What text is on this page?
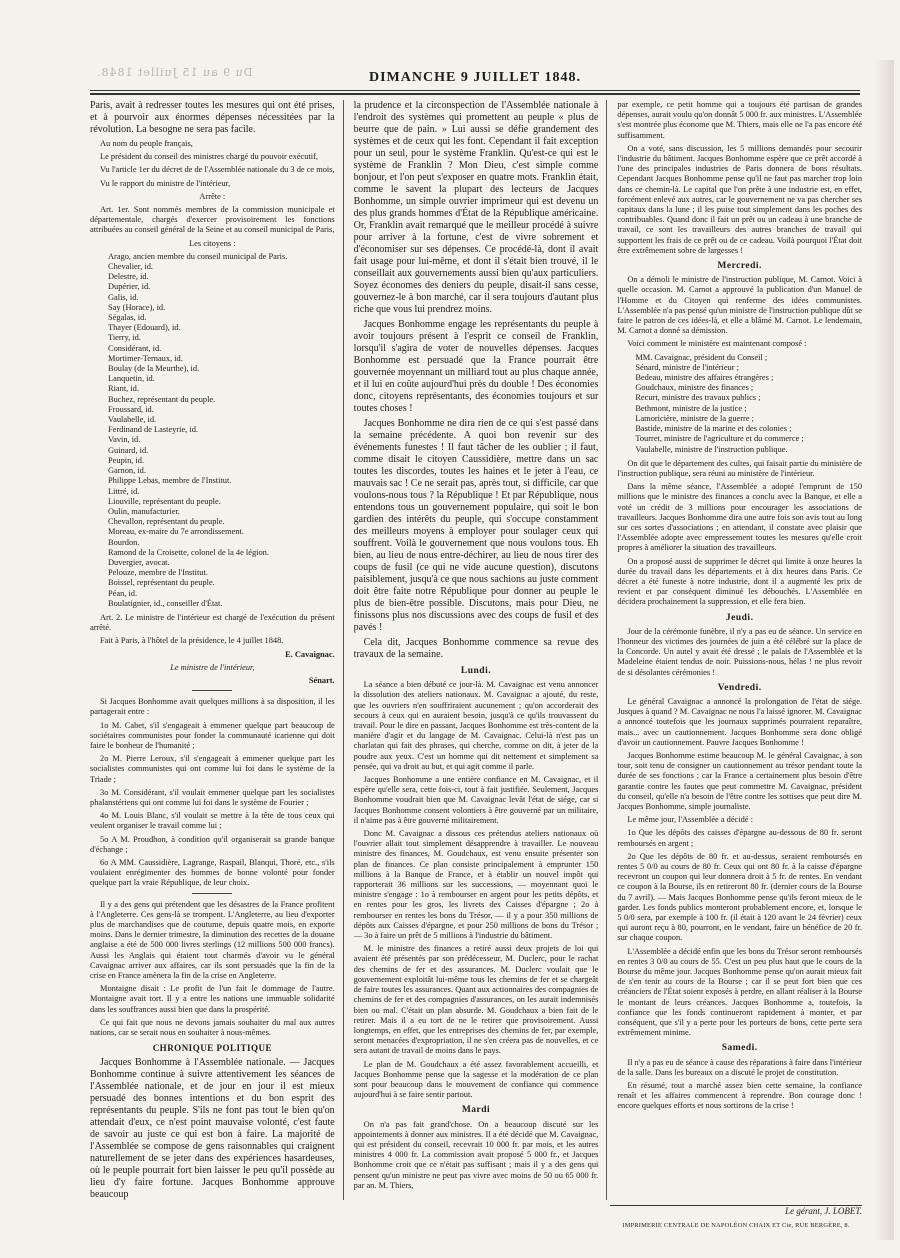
Du 9 au 15 Juillet 1848.	DIMANCHE 9 JUILLET 1848.

Paris, avait à redresser toutes les mesures qui ont été prises, et à pourvoir aux énormes dépenses nécessitées par la révolution. La besogne ne sera pas facile.

Au nom du peuple français,

Le président du conseil des ministres chargé du pouvoir exécutif,

Vu l'article 1er du décret de de l'Assemblée nationale du 3 de ce mois,

Vu le rapport du ministre de l'intérieur,

Arrête :

Art. 1er. Sont nommés membres de la commission municipale et départementale, chargés d'exercer provisoirement les fonctions attribuées au conseil général de la Seine et au conseil municipal de Paris,

Les citoyens :

Arago, ancien membre du conseil municipal de Paris.
Chevalier, id.
Delestre, id.
Dupérier, id.
Galis, id.
Say (Horace), id.
Ségalas, id.
Thayer (Edouard), id.
Tierry, id.
Considérant, id.
Mortimer-Ternaux, id.
Boulay (de la Meurthe), id.
Lanquetin, id.
Riant, id.
Buchez, représentant du peuple.
Froussard, id.
Vaulabelle, id.
Ferdinand de Lasteyrie, id.
Vavin, id.
Guinard, id.
Peupin, id.
Garnon, id.
Philippe Lebas, membre de l'Institut.
Littré, id.
Liouville, représentant du peuple.
Oulin, manufacturier.
Chevallon, représentant du peuple.
Moreau, ex-maire du 7e arrondissement.
Bourdon.
Ramond de la Croisette, colonel de la 4e légion.
Duvergier, avocat.
Pelouze, membre de l'Institut.
Boissel, représentant du peuple.
Péan, id.
Boulatignier, id., conseiller d'État.

Art. 2. Le ministre de l'intérieur est chargé de l'exécution du présent arrêté.

Fait à Paris, à l'hôtel de la présidence, le 4 juillet 1848.

E. Cavaignac.

Le ministre de l'intérieur,

Sénart.

Si Jacques Bonhomme avait quelques millions à sa disposition, il les partagerait entre :

1o M. Cabet, s'il s'engageait à emmener quelque part beaucoup de sociétaires communistes pour fonder la communauté icarienne qui doit faire le bonheur de l'humanité ;

2o M. Pierre Leroux, s'il s'engageait à emmener quelque part les socialistes communistes qui ont comme lui foi dans le système de la Triade ;

3o M. Considérant, s'il voulait emmener quelque part les socialistes phalanstériens qui ont comme lui foi dans le système de Fourier ;

4o M. Louis Blanc, s'il voulait se mettre à la tête de tous ceux qui veulent organiser le travail comme lui ;

5o A M. Proudhon, à condition qu'il organiserait sa grande banque d'échange ;

6o A MM. Caussidière, Lagrange, Raspail, Blanqui, Thoré, etc., s'ils voulaient enrégimenter des hommes de bonne volonté pour fonder quelque part la vraie République, de leur choix.

Il y a des gens qui prétendent que les désastres de la France profitent à l'Angleterre. Ces gens-là se trompent. L'Angleterre, au lieu d'exporter plus de marchandises que de coutume, depuis quatre mois, en exporte moins. Dans le dernier trimestre, la diminution des recettes de la douane anglaise a été de 500 000 livres sterlings (12 millions 500 000 francs). Aussi les Anglais qui étaient tout charmés d'avoir vu le général Cavaignac arriver aux affaires, car ils sont persuadés que la fin de la crise en France amènera la fin de la crise en Angleterre.

Montaigne disait : Le profit de l'un fait le dommage de l'autre. Montaigne avait tort. Il y a entre les nations une immuable solidarité dans les souffrances aussi bien que dans la prospérité.

Ce qui fait que nous ne devons jamais souhaiter du mal aux autres nations, car se serait nous en souhaiter à nous-mêmes.

CHRONIQUE POLITIQUE

Jacques Bonhomme à l'Assemblée nationale. — Jacques Bonhomme continue à suivre attentivement les séances de l'Assemblée nationale, et de jour en jour il est mieux persuadé des bonnes intentions et du bon esprit des représentants du peuple. S'ils ne font pas tout le bien qu'on attendait d'eux, ce n'est point mauvaise volonté, c'est faute de savoir au juste ce qui est bon à faire. La majorité de l'Assemblée se compose de gens raisonnables qui craignent naturellement de se jeter dans des expériences hasardeuses, où le peuple pourrait fort bien laisser le peu qu'il possède au lieu d'y faire fortune. Jacques Bonhomme approuve beaucoup

la prudence et la circonspection de l'Assemblée nationale à l'endroit des systèmes qui promettent au peuple « plus de beurre que de pain. » Lui aussi se défie grandement des systèmes et de ceux qui les font. Cependant il fait exception pour un seul, pour le système Franklin. Qu'est-ce qui est le système de Franklin ? Mon Dieu, c'est simple comme bonjour, et l'on peut s'exposer en quatre mots. Franklin était, comme le savent la plupart des lecteurs de Jacques Bonhomme, un simple ouvrier imprimeur qui est devenu un des plus grands hommes d'État de la République américaine. Or, Franklin avait remarqué que le meilleur procédé à suivre pour arriver à la fortune, c'est de vivre sobrement et d'économiser sur ses dépenses. Ce procédé-là, dont il avait fait usage pour lui-même, et dont il s'était bien trouvé, il le conseillait aux gouvernements aussi bien qu'aux particuliers. Soyez économes des deniers du peuple, disait-il sans cesse, gouvernez-le à bon marché, car il sera toujours d'autant plus riche que vous lui prendrez moins.

Jacques Bonhomme engage les représentants du peuple à avoir toujours présent à l'esprit ce conseil de Franklin, lorsqu'il s'agira de voter de nouvelles dépenses. Jacques Bonhomme est persuadé que la France pourrait être gouvernée moyennant un milliard tout au plus chaque année, et il lui en coûte aujourd'hui près du double ! Des économies donc, citoyens représentants, des économies toujours et sur toutes choses !

Jacques Bonhomme ne dira rien de ce qui s'est passé dans la semaine précédente. A quoi bon revenir sur des événements funestes ! Il faut tâcher de les oublier ; il faut, comme disait le citoyen Caussidière, mettre dans un sac toutes les discordes, toutes les haines et le jeter à l'eau, ce mauvais sac ! Ce ne serait pas, après tout, si difficile, car que voulons-nous tous ? la République ! Et par République, nous entendons tous un gouvernement populaire, qui soit le bon gardien des intérêts du peuple, qui s'occupe constamment des meilleurs moyens à employer pour soulager ceux qui souffrent. Voilà le gouvernement que nous voulons tous. Eh bien, au lieu de nous entre-déchirer, au lieu de nous tirer des coups de fusil (ce qui ne vide aucune question), discutons paisiblement, jusqu'à ce que nous sachions au juste comment doit être faite notre République pour donner au peuple le plus de bien-être possible. Discutons, mais pour Dieu, ne finissons plus nos discussions avec des coups de fusil et des pavés !

Cela dit, Jacques Bonhomme commence sa revue des travaux de la semaine.

Lundi.

La séance a bien débuté ce jour-là. M. Cavaignac est venu annoncer la dissolution des ateliers nationaux. M. Cavaignac a ajouté, du reste, que les ouvriers n'en souffriraient aucunement ; qu'on accorderait des secours à ceux qui en auraient besoin, jusqu'à ce qu'ils trouvassent du travail. Pour le dire en passant, Jacques Bonhomme est très-content de la manière d'agir et du langage de M. Cavaignac. Celui-là n'est pas un charlatan qui fait des phrases, qui cherche, comme on dit, à jeter de la poudre aux yeux. C'est un homme qui dit nettement et simplement sa pensée, qui va droit au but, et qui agit comme il parle.

Jacques Bonhomme a une entière confiance en M. Cavaignac, et il espère qu'elle sera, cette fois-ci, tout à fait justifiée. Seulement, Jacques Bonhomme voudrait bien que M. Cavaignac levât l'état de siége, car si Jacques Bonhomme consent volontiers à être gouverné par un militaire, il n'aime pas à être gouverné militairement.

Donc M. Cavaignac a dissous ces prétendus ateliers nationaux où l'ouvrier allait tout simplement désapprendre à travailler. Le nouveau ministre des finances, M. Goudchaux, est venu ensuite présenter son plan de finances. Ce plan consiste principalement à emprunter 150 millions à la Banque de France, et à établir un nouvel impôt qui rapporterait 36 millions sur les successions, — moyennant quoi le ministre s'engage : 1o à rembourser en argent pour les petits dépôts, et en rentes pour les gros, les livrets des Caisses d'épargne ; 2o à rembourser en rentes les bons du Trésor, — il y a pour 350 millions de dépôts aux Caisses d'épargne, et pour 250 millions de bons du Trésor ; — 3o à faire un prêt de 5 millions à l'industrie du bâtiment.

M. le ministre des finances a retiré aussi deux projets de loi qui avaient été présentés par son prédécesseur, M. Duclerc, pour le rachat des chemins de fer et des assurances. M. Duclerc voulait que le gouvernement exploitât lui-même tous les chemins de fer et se chargeât de faire toutes les assurances. Quant aux actionnaires des compagnies de chemins de fer et des compagnies d'assurances, on les aurait indemnisés bien ou mal. C'était un plan absurde. M. Goudchaux a bien fait de le retirer. Mais il a eu tort de ne le retirer que provisoirement. Aussi longtemps, en effet, que les entreprises des chemins de fer, par exemple, seront menacées d'expropriation, il ne s'en créera pas de nouvelles, et ce sera autant de travail de moins dans le pays.

Le plan de M. Goudchaux a été assez favorablement accueilli, et Jacques Bonhomme pense que la sagesse et la modération de ce plan sont pour beaucoup dans le mouvement de confiance qui commence aujourd'hui à se faire sentir partout.

Mardi

On n'a pas fait grand'chose. On a beaucoup discuté sur les appointements à donner aux ministres. Il a été décidé que M. Cavaignac, qui est président du conseil, recevrait 10 000 fr. par mois, et les autres ministres 4 000 fr. La commission avait proposé 5 000 fr., et Jacques Bonhomme croit que ce n'était pas suffisant ; mais il y a des gens qui pensent qu'un ministre ne peut pas vivre avec moins de 50 ou 65 000 fr. par an. M. Thiers,

par exemple, ce petit homme qui a toujours été partisan de grandes dépenses, aurait voulu qu'on donnât 5 000 fr. aux ministres. L'Assemblée s'est montrée plus économe que M. Thiers, mais elle ne l'a pas encore été suffisamment.

On a voté, sans discussion, les 5 millions demandés pour secourir l'industrie du bâtiment. Jacques Bonhomme espère que ce prêt accordé à l'une des principales industries de Paris donnera de bons résultats. Cependant Jacques Bonhomme pense qu'il ne faut pas marcher trop loin dans ce chemin-là. Le capital que l'on prête à une industrie est, en effet, forcément enlevé aux autres, car le gouvernement ne va pas chercher ses capitaux dans la lune ; il les puise tout simplement dans les poches des contribuables. Quand donc il fait un prêt ou un cadeau à une branche de travail, ce sont les travailleurs des autres branches de travail qui supportent les frais de ce prêt ou de ce cadeau. Voilà pourquoi l'État doit être extrêmement sobre de largesses !

Mercredi.

On a démoli le ministre de l'instruction publique, M. Carnot. Voici à quelle occasion. M. Carnot a approuvé la publication d'un Manuel de l'Homme et du Citoyen qui renferme des idées communistes. L'Assemblée n'a pas pensé qu'un ministre de l'instruction publique dût se faire le patron de ces idées-là, et elle a blâmé M. Carnot. Le lendemain, M. Carnot a donné sa démission.

Voici comment le ministère est maintenant composé :

MM. Cavaignac, président du Conseil ;
Sénard, ministre de l'intérieur ;
Bedeau, ministre des affaires étrangères ;
Goudchaux, ministre des finances ;
Recurt, ministre des travaux publics ;
Bethmont, ministre de la justice ;
Lamoricière, ministre de la guerre ;
Bastide, ministre de la marine et des colonies ;
Tourret, ministre de l'agriculture et du commerce ;
Vaulabelle, ministre de l'instruction publique.

On dit que le département des cultes, qui faisait partie du ministère de l'instruction publique, sera réuni au ministère de l'intérieur.

Dans la même séance, l'Assemblée a adopté l'emprunt de 150 millions que le ministre des finances a conclu avec la Banque, et elle a voté un crédit de 3 millions pour encourager les associations de travailleurs. Jacques Bonhomme dira une autre fois son avis tout au long sur ces sortes d'associations ; en attendant, il constate avec plaisir que l'Assemblée adopte avec empressement toutes les mesures qu'elle croit propres à améliorer la situation des travailleurs.

On a proposé aussi de supprimer le décret qui limite à onze heures la durée du travail dans les départements et à dix heures dans Paris. Ce décret a été funeste à notre industrie, dont il a augmenté les prix de revient et par conséquent diminué les débouchés. L'Assemblée en décidera prochainement la suppression, et elle fera bien.

Jeudi.

Jour de la cérémonie funèbre, il n'y a pas eu de séance. Un service en l'honneur des victimes des journées de juin a été célébré sur la place de la Concorde. Un autel y avait été dressé ; le palais de l'Assemblée et la Madeleine étaient tendus de noir. Puissions-nous, hélas ! ne plus revoir de si désolantes cérémonies !

Vendredi.

Le général Cavaignac a annoncé la prolongation de l'état de siége. Jusques à quand ? M. Cavaignac ne nous l'a laissé ignorer. M. Cavaignac a annoncé toutefois que les journaux supprimés pourraient reparaître, mais... avec un cautionnement. Jacques Bonhomme sera donc obligé d'avoir un cautionnement. Pauvre Jacques Bonhomme !

Jacques Bonhomme estime beaucoup M. le général Cavaignac, à son tour, soit tenu de consigner un cautionnement au trésor pendant toute la durée de ses fonctions ; car la France a certainement plus besoin d'être garantie contre les fautes que peut commettre M. Cavaignac, président du conseil, qu'elle n'a besoin de l'être contre les sottises que peut dire M. Jacques Bonhomme, simple journaliste.

Le même jour, l'Assemblée a décidé :

1o Que les dépôts des caisses d'épargne au-dessous de 80 fr. seront remboursés en argent ;

2o Que les dépôts de 80 fr. et au-dessus, seraient remboursés en rentes 5 0/0 au cours de 80 fr. Ceux qui ont 80 fr. à la caisse d'épargne recevront un coupon qui leur donnera droit à 5 fr. de rentes. En vendant ce coupon à la Bourse, ils en retireront 80 fr. (dernier cours de la Bourse du 7 avril). — Mais Jacques Bonhomme pense qu'ils feront mieux de le garder. Les fonds publics monteront probablement encore, et, lorsque le 5 0/0 sera, par exemple à 100 fr. (il était à 120 avant le 24 février) ceux qui auront reçu à 80, pourront, en le vendant, faire un bénéfice de 20 fr. sur chaque coupon.

L'Assemblée a décidé enfin que les bons du Trésor seront remboursés en rentes 3 0/0 au cours de 55. C'est un peu plus haut que le cours de la Bourse du même jour. Jacques Bonhomme pense qu'on aurait mieux fait de s'en tenir au cours de la Bourse ; car il se peut fort bien que ces créanciers de l'État soient exposés à perdre, en allant réaliser à la Bourse le montant de leurs créances. Jacques Bonhomme a, toutefois, la confiance que les fonds continueront rapidement à monter, et par conséquent, que s'il y a perte pour les porteurs de bons, cette perte sera extrêmement minime.

Samedi.

Il n'y a pas eu de séance à cause des réparations à faire dans l'intérieur de la salle. Dans les bureaux on a discuté le projet de constitution.

En résumé, tout a marché assez bien cette semaine, la confiance renaît et les affaires commencent à reprendre. Bon courage donc ! encore quelques efforts et nous sortirons de la crise !

Le gérant, J. LOBET.
IMPRIMERIE CENTRALE DE NAPOLÉON CHAIX ET Cie, RUE BERGÈRE, 8.
